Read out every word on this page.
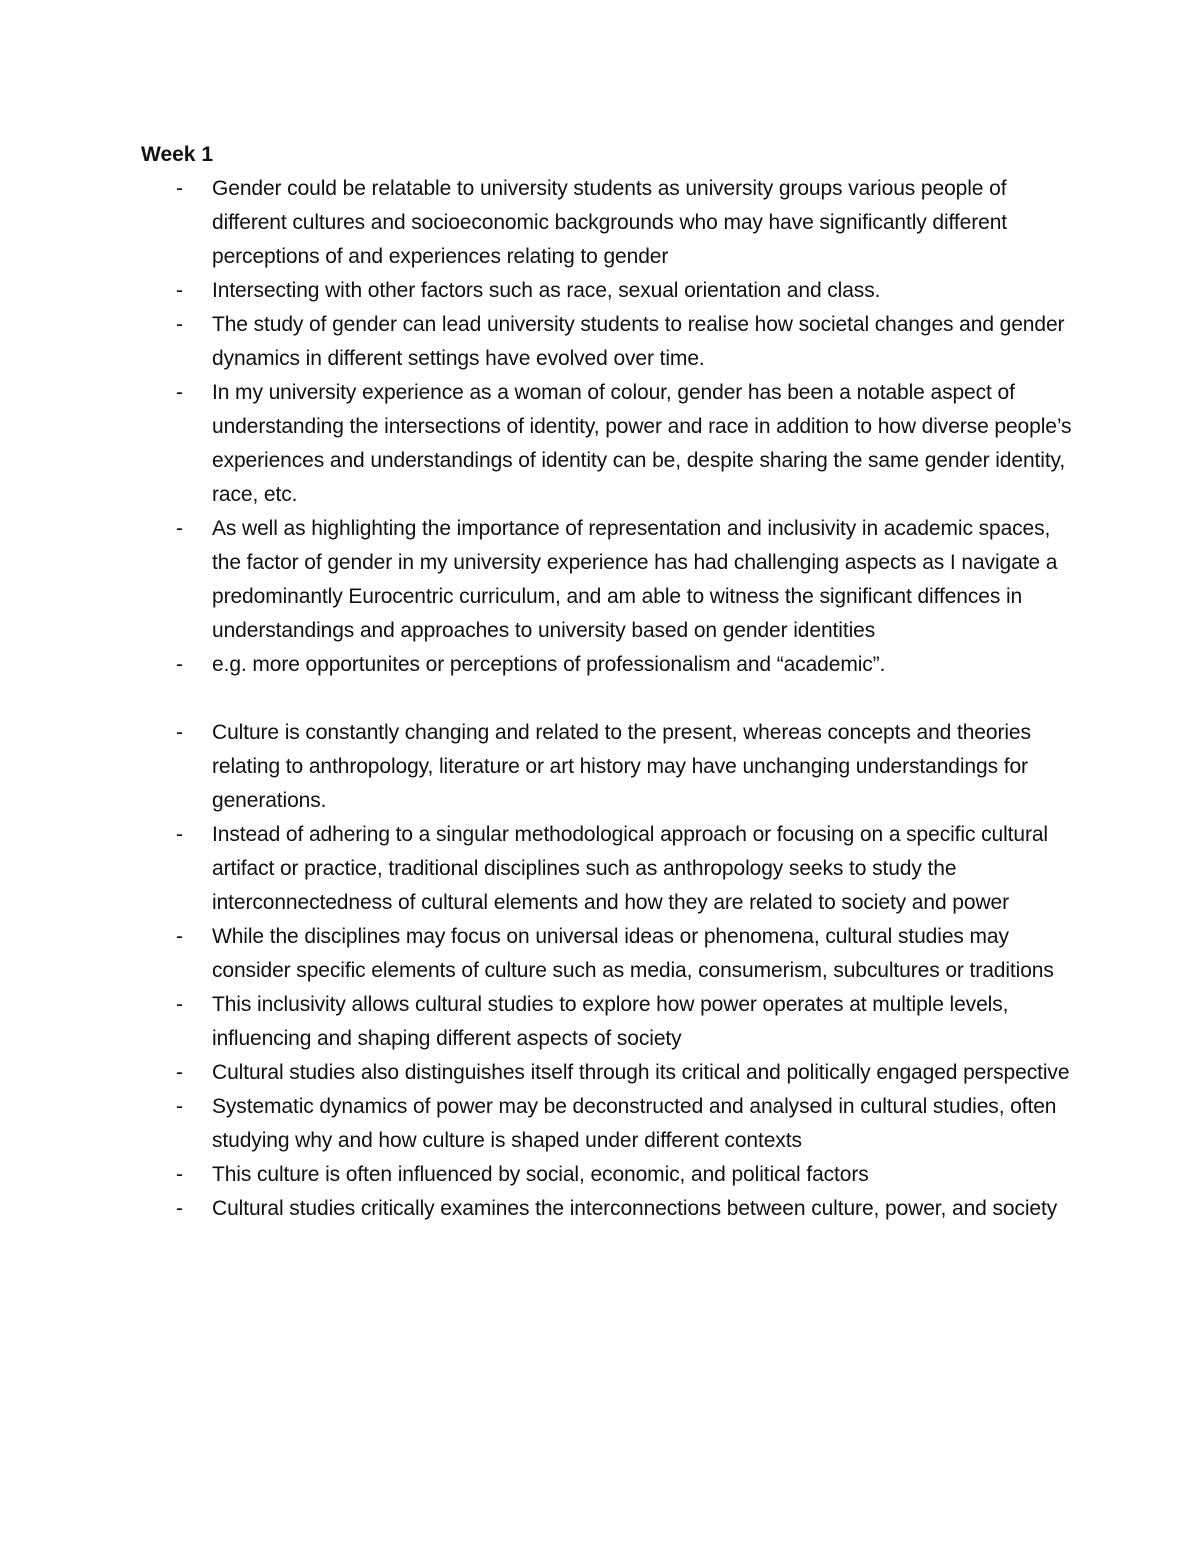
Week 1
- Gender could be relatable to university students as university groups various people of different cultures and socioeconomic backgrounds who may have significantly different perceptions of and experiences relating to gender
- Intersecting with other factors such as race, sexual orientation and class.
- The study of gender can lead university students to realise how societal changes and gender dynamics in different settings have evolved over time.
- In my university experience as a woman of colour, gender has been a notable aspect of understanding the intersections of identity, power and race in addition to how diverse people’s experiences and understandings of identity can be, despite sharing the same gender identity, race, etc.
- As well as highlighting the importance of representation and inclusivity in academic spaces, the factor of gender in my university experience has had challenging aspects as I navigate a predominantly Eurocentric curriculum, and am able to witness the significant diffences in understandings and approaches to university based on gender identities
- e.g. more opportunites or perceptions of professionalism and “academic”.
- Culture is constantly changing and related to the present, whereas concepts and theories relating to anthropology, literature or art history may have unchanging understandings for generations.
- Instead of adhering to a singular methodological approach or focusing on a specific cultural artifact or practice, traditional disciplines such as anthropology seeks to study the interconnectedness of cultural elements and how they are related to society and power
- While the disciplines may focus on universal ideas or phenomena, cultural studies may consider specific elements of culture such as media, consumerism, subcultures or traditions
- This inclusivity allows cultural studies to explore how power operates at multiple levels, influencing and shaping different aspects of society
- Cultural studies also distinguishes itself through its critical and politically engaged perspective
- Systematic dynamics of power may be deconstructed and analysed in cultural studies, often studying why and how culture is shaped under different contexts
- This culture is often influenced by social, economic, and political factors
- Cultural studies critically examines the interconnections between culture, power, and society
